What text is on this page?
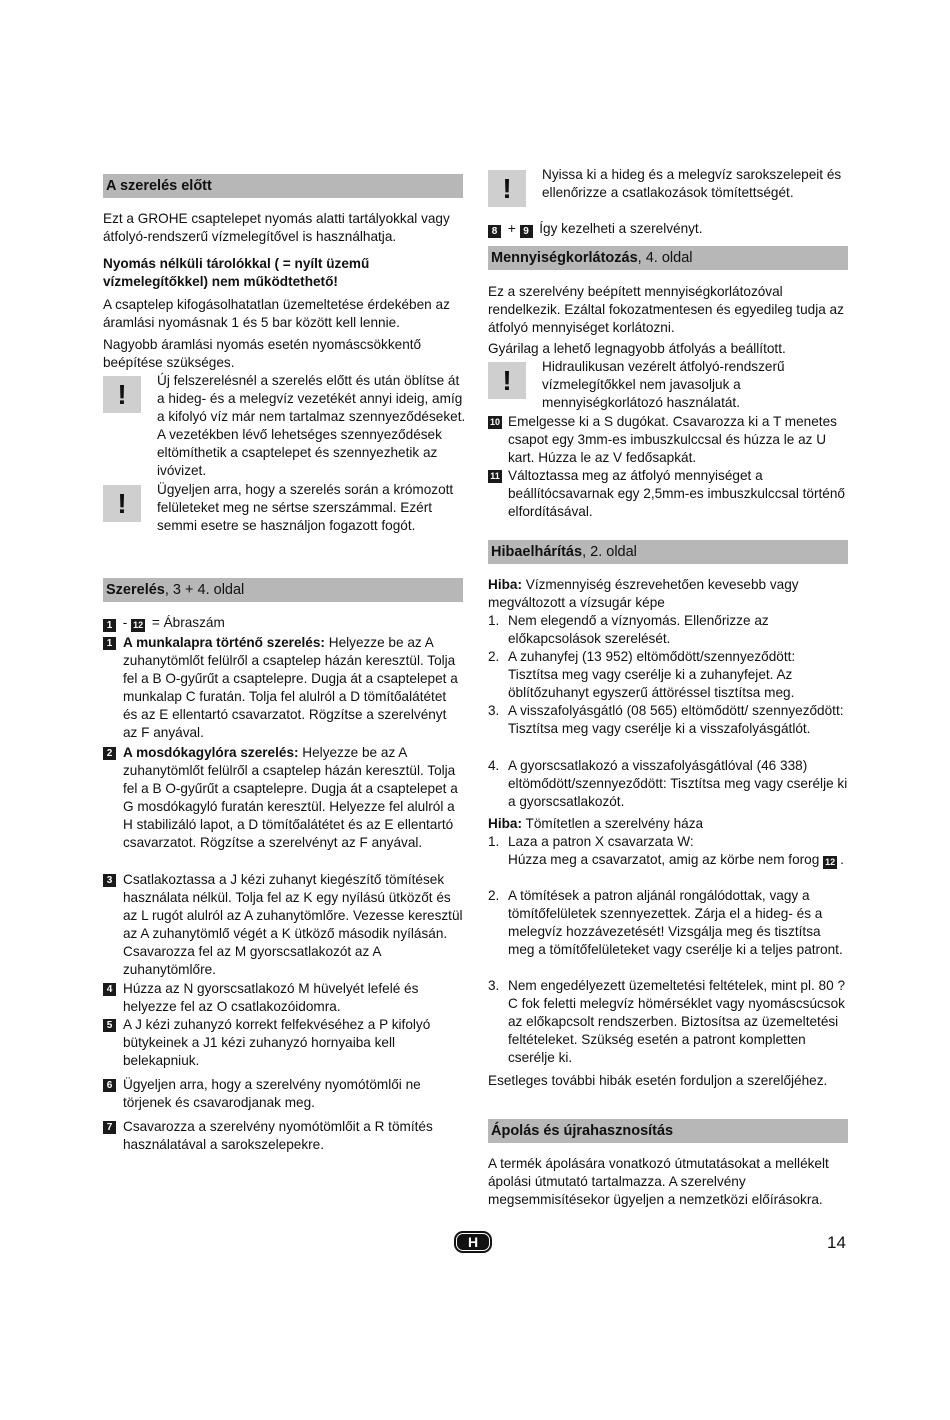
A szerelés előtt
Ezt a GROHE csaptelepet nyomás alatti tartályokkal vagy átfolyó-rendszerű vízmelegítővel is használhatja.
Nyomás nélküli tárolókkal ( = nyílt üzemű vízmelegítőkkel) nem működtethető!
A csaptelep kifogásolhatatlan üzemeltetése érdekében az áramlási nyomásnak 1 és 5 bar között kell lennie.
Nagyobb áramlási nyomás esetén nyomáscsökkentő beépítése szükséges.
! Új felszerelésnél a szerelés előtt és után öblítse át a hideg- és a melegvíz vezetékét annyi ideig, amíg a kifolyó víz már nem tartalmaz szennyeződéseket. A vezetékben lévő lehetséges szennyeződések eltömíthetik a csaptelepet és szennyezhetik az ivóvizet.
! Ügyeljen arra, hogy a szerelés során a krómozott felületeket meg ne sértse szerszámmal. Ezért semmi esetre se használjon fogazott fogót.
Szerelés, 3 + 4. oldal
1 - 12 = Ábraszám
1 A munkalapra történő szerelés: Helyezze be az A zuhanytömlőt felülről a csaptelep házán keresztül. Tolja fel a B O-gyűrűt a csaptelepre. Dugja át a csaptelepet a munkalap C furatán. Tolja fel alulról a D tömítőalátétet és az E ellentartó csavarzatot. Rögzítse a szerelvényt az F anyával.
2 A mosdókagylóra szerelés: Helyezze be az A zuhanytömlőt felülről a csaptelep házán keresztül. Tolja fel a B O-gyűrűt a csaptelepre. Dugja át a csaptelepet a G mosdókagyló furatán keresztül. Helyezze fel alulról a H stabilizáló lapot, a D tömítőalátétet és az E ellentartó csavarzatot. Rögzítse a szerelvényt az F anyával.
3 Csatlakoztassa a J kézi zuhanyt kiegészítő tömítések használata nélkül. Tolja fel az K egy nyílású ütközőt és az L rugót alulról az A zuhanytömlőre. Vezesse keresztül az A zuhanytömlő végét a K ütköző második nyílásán. Csavarozza fel az M gyorscsatlakozót az A zuhanytömlőre.
4 Húzza az N gyorscsatlakozó M hüvelyét lefelé és helyezze fel az O csatlakozóidomra.
5 A J kézi zuhanyzó korrekt felfekvéséhez a P kifolyó bütykeinek a J1 kézi zuhanyzó hornyaiba kell belekapniuk.
6 Ügyeljen arra, hogy a szerelvény nyomótömlői ne törjenek és csavarodjanak meg.
7 Csavarozza a szerelvény nyomótömlőit a R tömítés használatával a sarokszelepekre.
! Nyissa ki a hideg és a melegvíz sarokszelepeit és ellenőrizze a csatlakozások tömítettségét.
8 + 9 Így kezelheti a szerelvényt.
Mennyiségkorlátozás, 4. oldal
Ez a szerelvény beépített mennyiségkorlátozóval rendelkezik. Ezáltal fokozatmentesen és egyedileg tudja az átfolyó mennyiséget korlátozni.
Gyárilag a lehető legnagyobb átfolyás a beállított.
! Hidraulikusan vezérelt átfolyó-rendszerű vízmelegítőkkel nem javasoljuk a mennyiségkorlátozó használatát.
10 Emelgesse ki a S dugókat. Csavarozza ki a T menetes csapot egy 3mm-es imbuszkulccsal és húzza le az U kart. Húzza le az V fedősapkát.
11 Változtassa meg az átfolyó mennyiséget a beállítócsavarnak egy 2,5mm-es imbuszkulccsal történő elfordításával.
Hibaelhárítás, 2. oldal
Hiba: Vízmennyiség észrevehetően kevesebb vagy megváltozott a vízsugár képe
1. Nem elegendő a víznyomás. Ellenőrizze az előkapcsolások szerelését.
2. A zuhanyfej (13 952) eltömődött/szennyeződött: Tisztítsa meg vagy cserélje ki a zuhanyfejet. Az öblítőzuhanyt egyszerű áttöréssel tisztítsa meg.
3. A visszafolyásgátló (08 565) eltömődött/ szennyeződött: Tisztítsa meg vagy cserélje ki a visszafolyásgátlót.
4. A gyorscsatlakozó a visszafolyásgátlóval (46 338) eltömődött/szennyeződött: Tisztítsa meg vagy cserélje ki a gyorscsatlakozót.
Hiba: Tömítetlen a szerelvény háza
1. Laza a patron X csavarzata W:
Húzza meg a csavarzatot, amig az körbe nem forog 12 .
2. A tömítések a patron aljánál rongálódottak, vagy a tömítőfelületek szennyezettek. Zárja el a hideg- és a melegvíz hozzávezetését! Vizsgálja meg és tisztítsa meg a tömítőfelületeket vagy cserélje ki a teljes patront.
3. Nem engedélyezett üzemeltetési feltételek, mint pl. 80 ?C fok feletti melegvíz hömérséklet vagy nyomáscsúcsok az előkapcsolt rendszerben. Biztosítsa az üzemeltetési feltételeket. Szükség esetén a patront kompletten cserélje ki.
Esetleges további hibák esetén forduljon a szerelőjéhez.
Ápolás és újrahasznosítás
A termék ápolására vonatkozó útmutatásokat a mellékelt ápolási útmutató tartalmazza. A szerelvény megsemmisítésekor ügyeljen a nemzetközi előírásokra.
H	14
